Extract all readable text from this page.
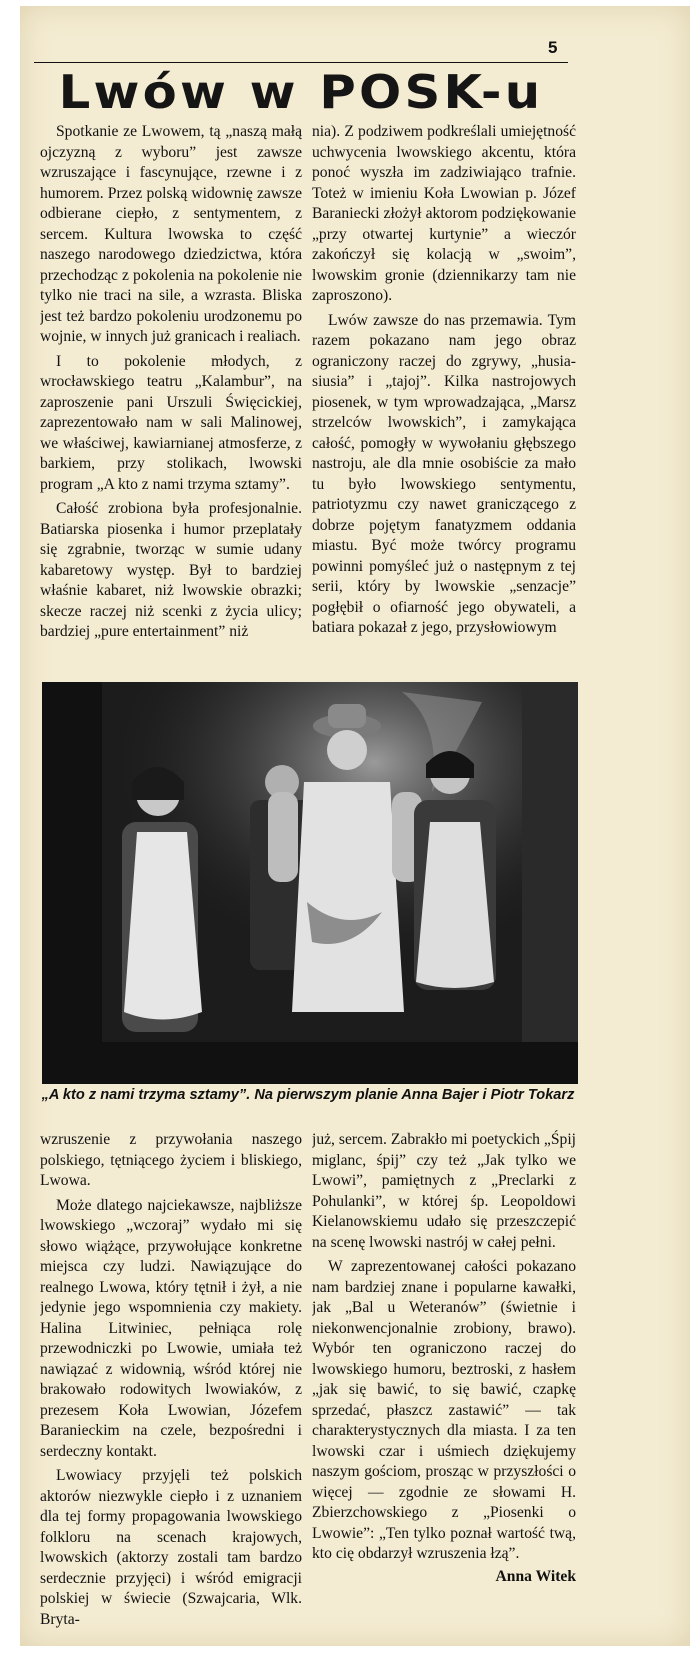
5
Lwów w POSK-u

Spotkanie ze Lwowem, tą „naszą małą ojczyzną z wyboru” jest zawsze wzruszające i fascynujące, rzewne i z humorem. Przez polską widownię zawsze odbierane ciepło, z sentymentem, z sercem. Kultura lwowska to część naszego narodowego dziedzictwa, która przechodząc z pokolenia na pokolenie nie tylko nie traci na sile, a wzrasta. Bliska jest też bardzo pokoleniu urodzonemu po wojnie, w innych już granicach i realiach.

I to pokolenie młodych, z wrocławskiego teatru „Kalambur”, na zaproszenie pani Urszuli Święcickiej, zaprezentowało nam w sali Malinowej, we właściwej, kawiarnianej atmosferze, z barkiem, przy stolikach, lwowski program „A kto z nami trzyma sztamy”.

Całość zrobiona była profesjonalnie. Batiarska piosenka i humor przeplatały się zgrabnie, tworząc w sumie udany kabaretowy występ. Był to bardziej właśnie kabaret, niż lwowskie obrazki; skecze raczej niż scenki z życia ulicy; bardziej „pure entertainment” niż

nia). Z podziwem podkreślali umiejętność uchwycenia lwowskiego akcentu, która ponoć wyszła im zadziwiająco trafnie. Toteż w imieniu Koła Lwowian p. Józef Baraniecki złożył aktorom podziękowanie „przy otwartej kurtynie” a wieczór zakończył się kolacją w „swoim”, lwowskim gronie (dziennikarzy tam nie zaproszono).

Lwów zawsze do nas przemawia. Tym razem pokazano nam jego obraz ograniczony raczej do zgrywy, „husia-siusia” i „tajoj”. Kilka nastrojowych piosenek, w tym wprowadzająca, „Marsz strzelców lwowskich”, i zamykająca całość, pomogły w wywołaniu głębszego nastroju, ale dla mnie osobiście za mało tu było lwowskiego sentymentu, patriotyzmu czy nawet graniczącego z dobrze pojętym fanatyzmem oddania miastu. Być może twórcy programu powinni pomyśleć już o następnym z tej serii, który by lwowskie „senzacje” pogłębił o ofiarność jego obywateli, a batiara pokazał z jego, przysłowiowym

„A kto z nami trzyma sztamy”. Na pierwszym planie Anna Bajer i Piotr Tokarz

wzruszenie z przywołania naszego polskiego, tętniącego życiem i bliskiego, Lwowa.

Może dlatego najciekawsze, najbliższe lwowskiego „wczoraj” wydało mi się słowo wiążące, przywołujące konkretne miejsca czy ludzi. Nawiązujące do realnego Lwowa, który tętnił i żył, a nie jedynie jego wspomnienia czy makiety. Halina Litwiniec, pełniąca rolę przewodniczki po Lwowie, umiała też nawiązać z widownią, wśród której nie brakowało rodowitych lwowiaków, z prezesem Koła Lwowian, Józefem Baranieckim na czele, bezpośredni i serdeczny kontakt.

Lwowiacy przyjęli też polskich aktorów niezwykle ciepło i z uznaniem dla tej formy propagowania lwowskiego folkloru na scenach krajowych, lwowskich (aktorzy zostali tam bardzo serdecznie przyjęci) i wśród emigracji polskiej w świecie (Szwajcaria, Wlk. Bryta-

już, sercem. Zabrakło mi poetyckich „Śpij miglanc, śpij” czy też „Jak tylko we Lwowi”, pamiętnych z „Preclarki z Pohulanki”, w której śp. Leopoldowi Kielanowskiemu udało się przeszczepić na scenę lwowski nastrój w całej pełni.

W zaprezentowanej całości pokazano nam bardziej znane i popularne kawałki, jak „Bal u Weteranów” (świetnie i niekonwencjonalnie zrobiony, brawo). Wybór ten ograniczono raczej do lwowskiego humoru, beztroski, z hasłem „jak się bawić, to się bawić, czapkę sprzedać, płaszcz zastawić” — tak charakterystycznych dla miasta. I za ten lwowski czar i uśmiech dziękujemy naszym gościom, prosząc w przyszłości o więcej — zgodnie ze słowami H. Zbierzchowskiego z „Piosenki o Lwowie”: „Ten tylko poznał wartość twą, kto cię obdarzył wzruszenia łzą”.

Anna Witek
